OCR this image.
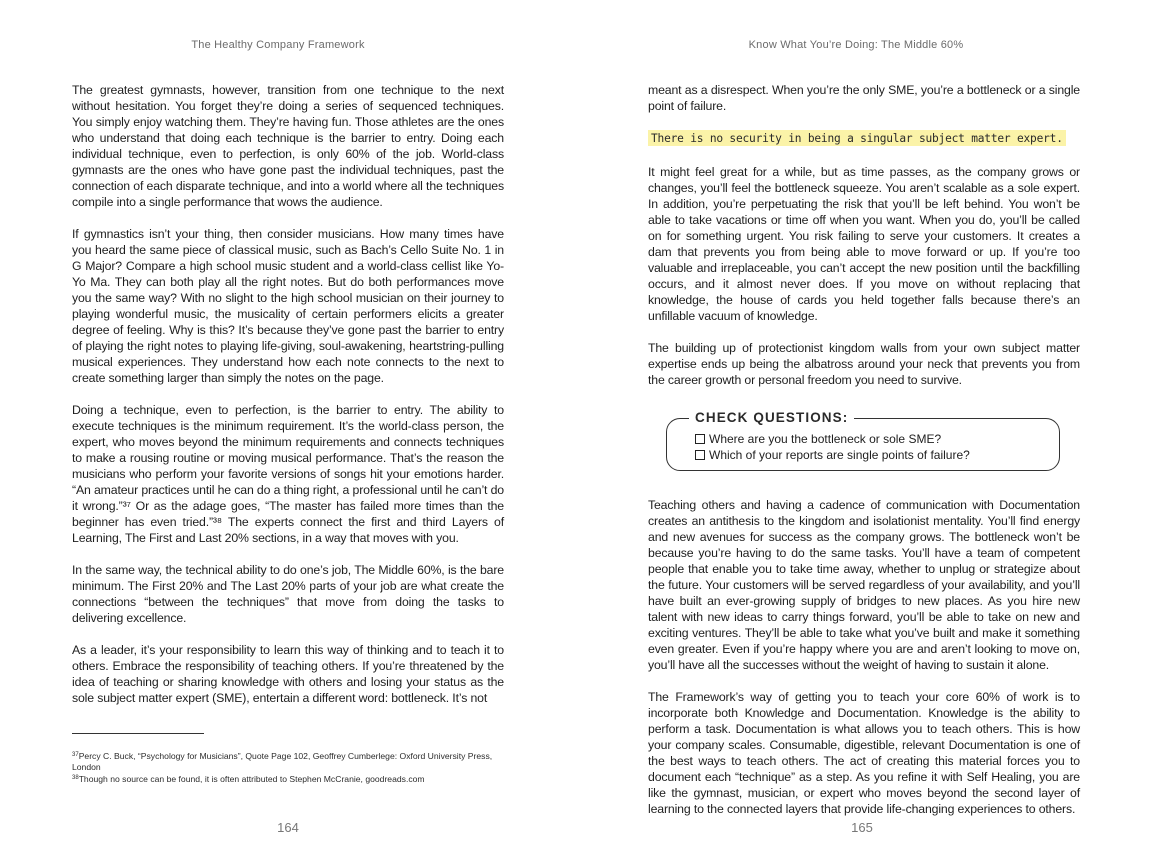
The Healthy Company Framework

The greatest gymnasts, however, transition from one technique to the next without hesitation. You forget they’re doing a series of sequenced techniques. You simply enjoy watching them. They’re having fun. Those athletes are the ones who understand that doing each technique is the barrier to entry. Doing each individual technique, even to perfection, is only 60% of the job. World-class gymnasts are the ones who have gone past the individual techniques, past the connection of each disparate technique, and into a world where all the techniques compile into a single performance that wows the audience.

If gymnastics isn’t your thing, then consider musicians. How many times have you heard the same piece of classical music, such as Bach’s Cello Suite No. 1 in G Major? Compare a high school music student and a world-class cellist like Yo-Yo Ma. They can both play all the right notes. But do both performances move you the same way? With no slight to the high school musician on their journey to playing wonderful music, the musicality of certain performers elicits a greater degree of feeling. Why is this? It’s because they’ve gone past the barrier to entry of playing the right notes to playing life-giving, soul-awakening, heartstring-pulling musical experiences. They understand how each note connects to the next to create something larger than simply the notes on the page.

Doing a technique, even to perfection, is the barrier to entry. The ability to execute techniques is the minimum requirement. It’s the world-class person, the expert, who moves beyond the minimum requirements and connects techniques to make a rousing routine or moving musical performance. That’s the reason the musicians who perform your favorite versions of songs hit your emotions harder. “An amateur practices until he can do a thing right, a professional until he can’t do it wrong.”³⁷ Or as the adage goes, “The master has failed more times than the beginner has even tried.”³⁸ The experts connect the first and third Layers of Learning, The First and Last 20% sections, in a way that moves with you.

In the same way, the technical ability to do one’s job, The Middle 60%, is the bare minimum. The First 20% and The Last 20% parts of your job are what create the connections “between the techniques” that move from doing the tasks to delivering excellence.

As a leader, it’s your responsibility to learn this way of thinking and to teach it to others. Embrace the responsibility of teaching others. If you’re threatened by the idea of teaching or sharing knowledge with others and losing your status as the sole subject matter expert (SME), entertain a different word: bottleneck. It’s not

$^{37}$Percy C. Buck, “Psychology for Musicians”, Quote Page 102, Geoffrey Cumberlege: Oxford University Press, London
$^{38}$Though no source can be found, it is often attributed to Stephen McCranie, goodreads.com
164
Know What You’re Doing: The Middle 60%

meant as a disrespect. When you’re the only SME, you’re a bottleneck or a single point of failure.

There is no security in being a singular subject matter expert.

It might feel great for a while, but as time passes, as the company grows or changes, you’ll feel the bottleneck squeeze. You aren’t scalable as a sole expert. In addition, you’re perpetuating the risk that you’ll be left behind. You won’t be able to take vacations or time off when you want. When you do, you’ll be called on for something urgent. You risk failing to serve your customers. It creates a dam that prevents you from being able to move forward or up. If you’re too valuable and irreplaceable, you can’t accept the new position until the backfilling occurs, and it almost never does. If you move on without replacing that knowledge, the house of cards you held together falls because there’s an unfillable vacuum of knowledge.

The building up of protectionist kingdom walls from your own subject matter expertise ends up being the albatross around your neck that prevents you from the career growth or personal freedom you need to survive.

CHECK QUESTIONS:
Where are you the bottleneck or sole SME?
Which of your reports are single points of failure?

Teaching others and having a cadence of communication with Documentation creates an antithesis to the kingdom and isolationist mentality. You’ll find energy and new avenues for success as the company grows. The bottleneck won’t be because you’re having to do the same tasks. You’ll have a team of competent people that enable you to take time away, whether to unplug or strategize about the future. Your customers will be served regardless of your availability, and you’ll have built an ever-growing supply of bridges to new places. As you hire new talent with new ideas to carry things forward, you’ll be able to take on new and exciting ventures. They’ll be able to take what you’ve built and make it something even greater. Even if you’re happy where you are and aren’t looking to move on, you’ll have all the successes without the weight of having to sustain it alone.

The Framework’s way of getting you to teach your core 60% of work is to incorporate both Knowledge and Documentation. Knowledge is the ability to perform a task. Documentation is what allows you to teach others. This is how your company scales. Consumable, digestible, relevant Documentation is one of the best ways to teach others. The act of creating this material forces you to document each “technique” as a step. As you refine it with Self Healing, you are like the gymnast, musician, or expert who moves beyond the second layer of learning to the connected layers that provide life-changing experiences to others.

165
